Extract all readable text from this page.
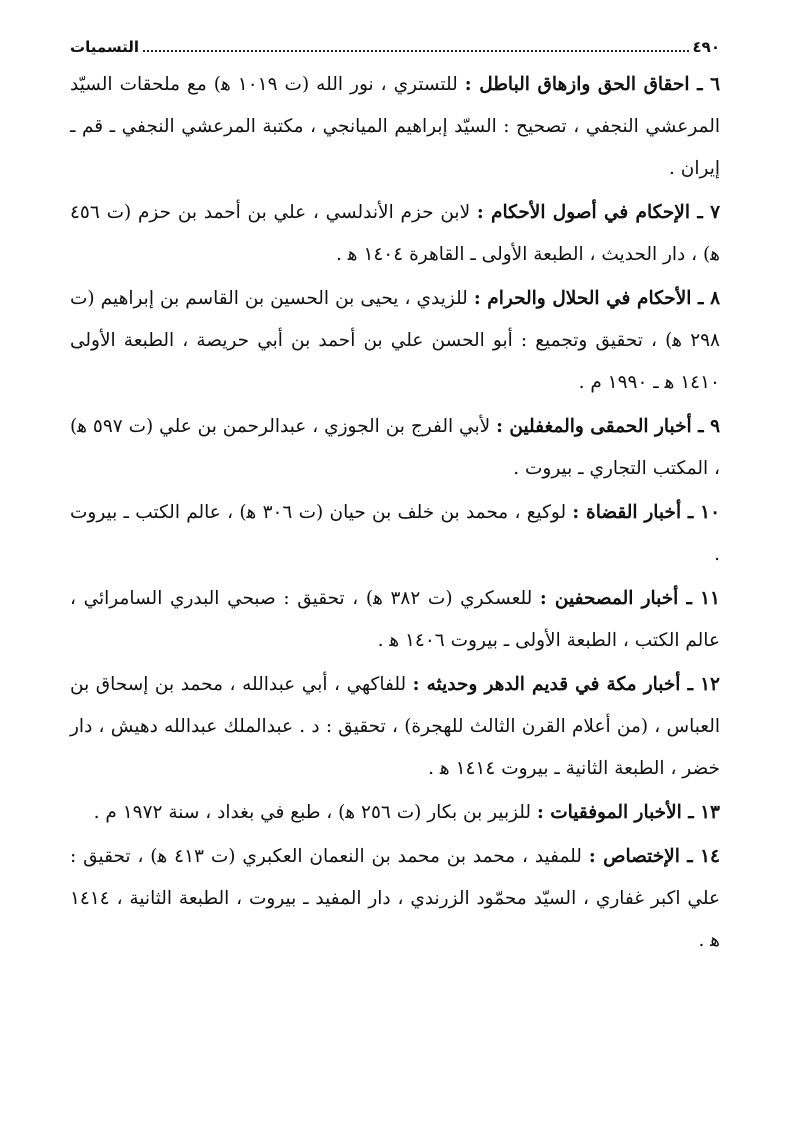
٤٩٠
التسميات

٦ ـ احقاق الحق وازهاق الباطل : للتستري ، نور الله (ت ١٠١٩ ﻫ) مع ملحقات السيّد المرعشي النجفي ، تصحيح : السيّد إبراهيم الميانجي ، مكتبة المرعشي النجفي ـ قم ـ إيران .

٧ ـ الإحكام في أصول الأحكام : لابن حزم الأندلسي ، علي بن أحمد بن حزم (ت ٤٥٦ ﻫ) ، دار الحديث ، الطبعة الأولى ـ القاهرة ١٤٠٤ ﻫ .

٨ ـ الأحكام في الحلال والحرام : للزيدي ، يحيى بن الحسين بن القاسم بن إبراهيم (ت ٢٩٨ ﻫ) ، تحقيق وتجميع : أبو الحسن علي بن أحمد بن أبي حريصة ، الطبعة الأولى ١٤١٠ ﻫ ـ ١٩٩٠ م .

٩ ـ أخبار الحمقى والمغفلين : لأبي الفرج بن الجوزي ، عبدالرحمن بن علي (ت ٥٩٧ ﻫ) ، المكتب التجاري ـ بيروت .

١٠ ـ أخبار القضاة : لوكيع ، محمد بن خلف بن حيان (ت ٣٠٦ ﻫ) ، عالم الكتب ـ بيروت .

١١ ـ أخبار المصحفين : للعسكري (ت ٣٨٢ ﻫ) ، تحقيق : صبحي البدري السامرائي ، عالم الكتب ، الطبعة الأولى ـ بيروت ١٤٠٦ ﻫ .

١٢ ـ أخبار مكة في قديم الدهر وحديثه : للفاكهي ، أبي عبدالله ، محمد بن إسحاق بن العباس ، (من أعلام القرن الثالث للهجرة) ، تحقيق : د . عبدالملك عبدالله دهيش ، دار خضر ، الطبعة الثانية ـ بيروت ١٤١٤ ﻫ .

١٣ ـ الأخبار الموفقيات : للزبير بن بكار (ت ٢٥٦ ﻫ) ، طبع في بغداد ، سنة ١٩٧٢ م .

١٤ ـ الإختصاص : للمفيد ، محمد بن محمد بن النعمان العكبري (ت ٤١٣ ﻫ) ، تحقيق : علي اكبر غفاري ، السيّد محمّود الزرندي ، دار المفيد ـ بيروت ، الطبعة الثانية ، ١٤١٤ ﻫ .
